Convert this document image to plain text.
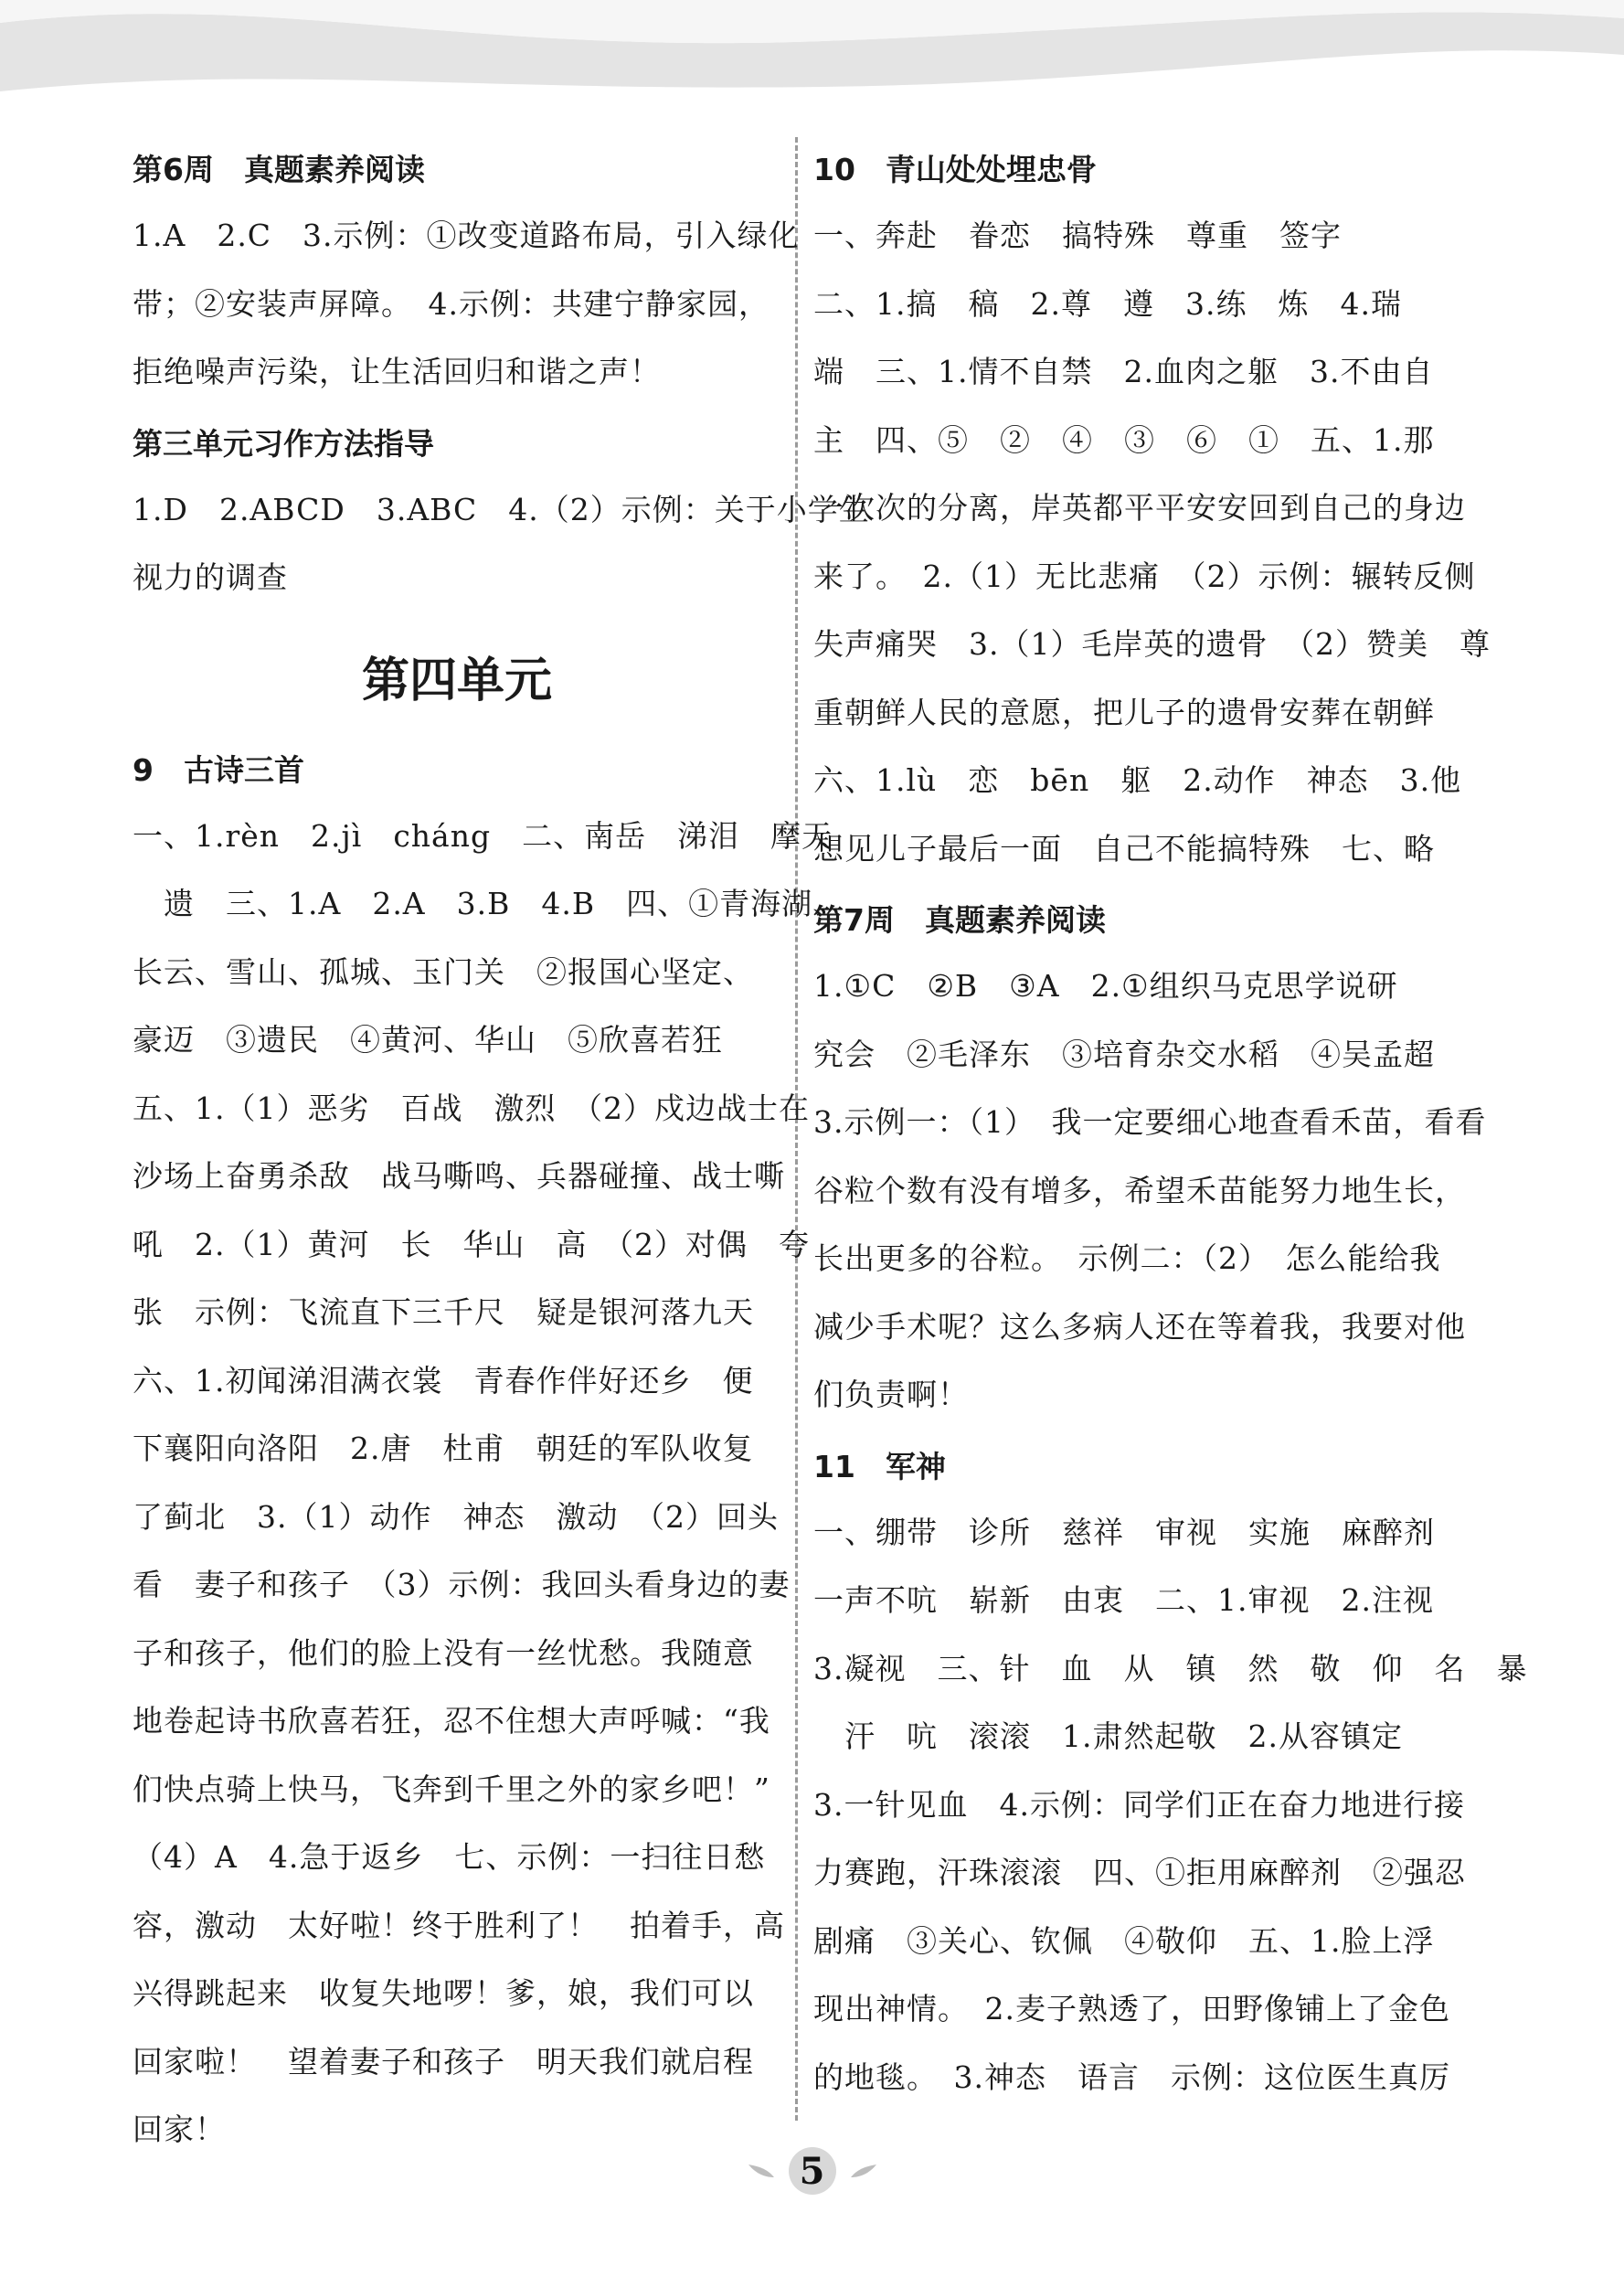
第6周　真题素养阅读

1.A　2.C　3.示例：①改变道路布局，引入绿化

带；②安装声屏障。　4.示例：共建宁静家园，

拒绝噪声污染，让生活回归和谐之声！

第三单元习作方法指导

1.D　2.ABCD　3.ABC　4.（2）示例：关于小学生

视力的调查

第四单元
9　古诗三首

一、1.rèn　2.jì　cháng　二、南岳　涕泪　摩天

　遗　三、1.A　2.A　3.B　4.B　四、①青海湖、

长云、雪山、孤城、玉门关　②报国心坚定、

豪迈　③遗民　④黄河、华山　⑤欣喜若狂

五、1.（1）恶劣　百战　激烈　（2）戍边战士在

沙场上奋勇杀敌　战马嘶鸣、兵器碰撞、战士嘶

吼　2.（1）黄河　长　华山　高　（2）对偶　夸

张　示例：飞流直下三千尺　疑是银河落九天

六、1.初闻涕泪满衣裳　青春作伴好还乡　便

下襄阳向洛阳　2.唐　杜甫　朝廷的军队收复

了蓟北　3.（1）动作　神态　激动　（2）回头

看　妻子和孩子　（3）示例：我回头看身边的妻

子和孩子，他们的脸上没有一丝忧愁。我随意

地卷起诗书欣喜若狂，忍不住想大声呼喊：“我

们快点骑上快马，飞奔到千里之外的家乡吧！”

（4）A　4.急于返乡　七、示例：一扫往日愁

容，激动　太好啦！终于胜利了！　拍着手，高

兴得跳起来　收复失地啰！爹，娘，我们可以

回家啦！　望着妻子和孩子　明天我们就启程

回家！

10　青山处处埋忠骨

一、奔赴　眷恋　搞特殊　尊重　签字

二、1.搞　稿　2.尊　遵　3.练　炼　4.瑞

端　三、1.情不自禁　2.血肉之躯　3.不由自

主　四、⑤　②　④　③　⑥　①　五、1.那

一次次的分离，岸英都平平安安回到自己的身边

来了。　2.（1）无比悲痛　（2）示例：辗转反侧

失声痛哭　3.（1）毛岸英的遗骨　（2）赞美　尊

重朝鲜人民的意愿，把儿子的遗骨安葬在朝鲜

六、1.lù　恋　bēn　躯　2.动作　神态　3.他

想见儿子最后一面　自己不能搞特殊　七、略

第7周　真题素养阅读

1.①C　②B　③A　2.①组织马克思学说研

究会　②毛泽东　③培育杂交水稻　④吴孟超

3.示例一：（1）　我一定要细心地查看禾苗，看看

谷粒个数有没有增多，希望禾苗能努力地生长，

长出更多的谷粒。　示例二：（2）　怎么能给我

减少手术呢？这么多病人还在等着我，我要对他

们负责啊！

11　军神

一、绷带　诊所　慈祥　审视　实施　麻醉剂

一声不吭　崭新　由衷　二、1.审视　2.注视

3.凝视　三、针　血　从　镇　然　敬　仰　名　暴

　汗　吭　滚滚　1.肃然起敬　2.从容镇定

3.一针见血　4.示例：同学们正在奋力地进行接

力赛跑，汗珠滚滚　四、①拒用麻醉剂　②强忍

剧痛　③关心、钦佩　④敬仰　五、1.脸上浮

现出神情。　2.麦子熟透了，田野像铺上了金色

的地毯。　3.神态　语言　示例：这位医生真厉

5
